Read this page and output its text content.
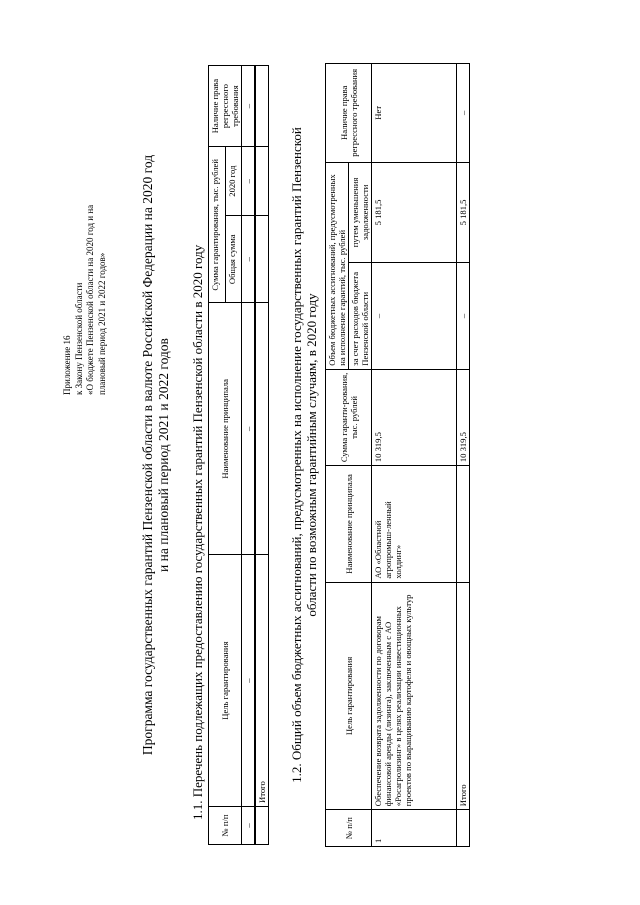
Приложение 16 к Закону Пензенской области «О бюджете Пензенской области на 2020 год и на плановый период 2021 и 2022 годов» Программа государственных гарантий Пензенской области в валюте Российской Федерации на 2020 год и на плановый период 2021 и 2022 годов 1.1. Перечень подлежащих предоставлению государственных гарантий Пензенской области в 2020 году
№ п/п	Цель гарантирования	Наименование принципала	Сумма гарантирования, тыс. рублей		Наличие права регрессного требования
			Общая сумма	2020 год	
–	–	–	–	–	–
	Итого				
1.2. Общий объем бюджетных ассигнований, предусмотренных на исполнение государственных гарантий Пензенской области по возможным гарантийным случаям, в 2020 году
№ п/п	Цель гарантирования	Наименование принципала	Сумма гаранти-рования, тыс. рублей	Объем бюджетных ассигнований, предусмотренных на исполнение гарантий, тыс. рублей		Наличие права регрессного требования
				за счет расходов бюджета Пензенской области	путем уменьшения задолженности	
1	Обеспечение возврата задолженности по договорам финансовой аренды (лизинга), заключенным с АО «Росагролизинг» в целях реализации инвестиционных проектов по выращиванию картофеля и овощных культур	АО «Областной агропромыш-ленный холдинг»	10 319,5	–	5 181,5	Нет
	Итого		10 319,5	–	5 181,5	–
